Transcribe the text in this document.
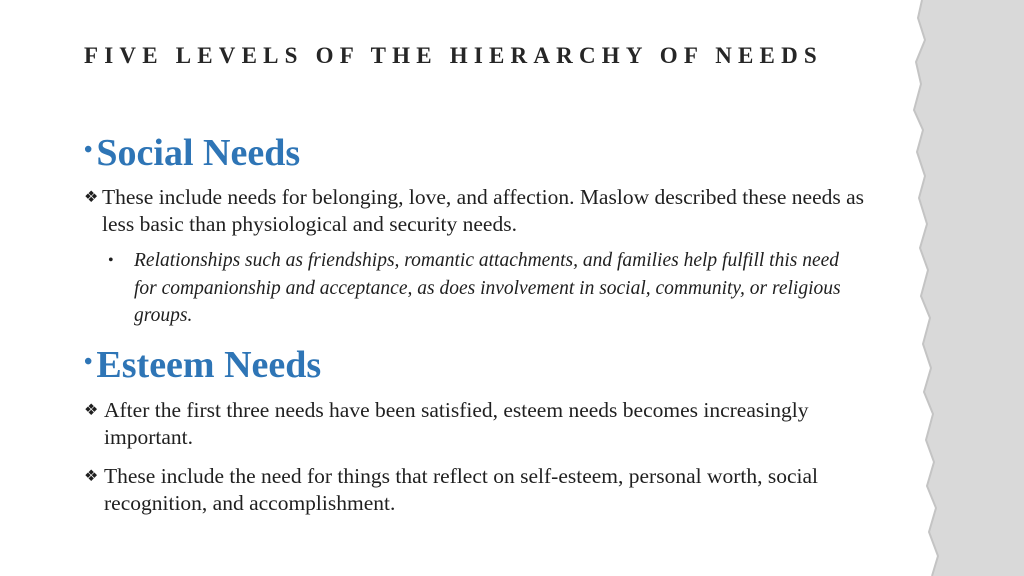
FIVE LEVELS OF THE HIERARCHY OF NEEDS
• Social Needs

❖ These include needs for belonging, love, and affection. Maslow described these needs as less basic than physiological and security needs.

• Relationships such as friendships, romantic attachments, and families help fulfill this need for companionship and acceptance, as does involvement in social, community, or religious groups.

• Esteem Needs

❖ After the first three needs have been satisfied, esteem needs becomes increasingly important.

❖ These include the need for things that reflect on self-esteem, personal worth, social recognition, and accomplishment.
